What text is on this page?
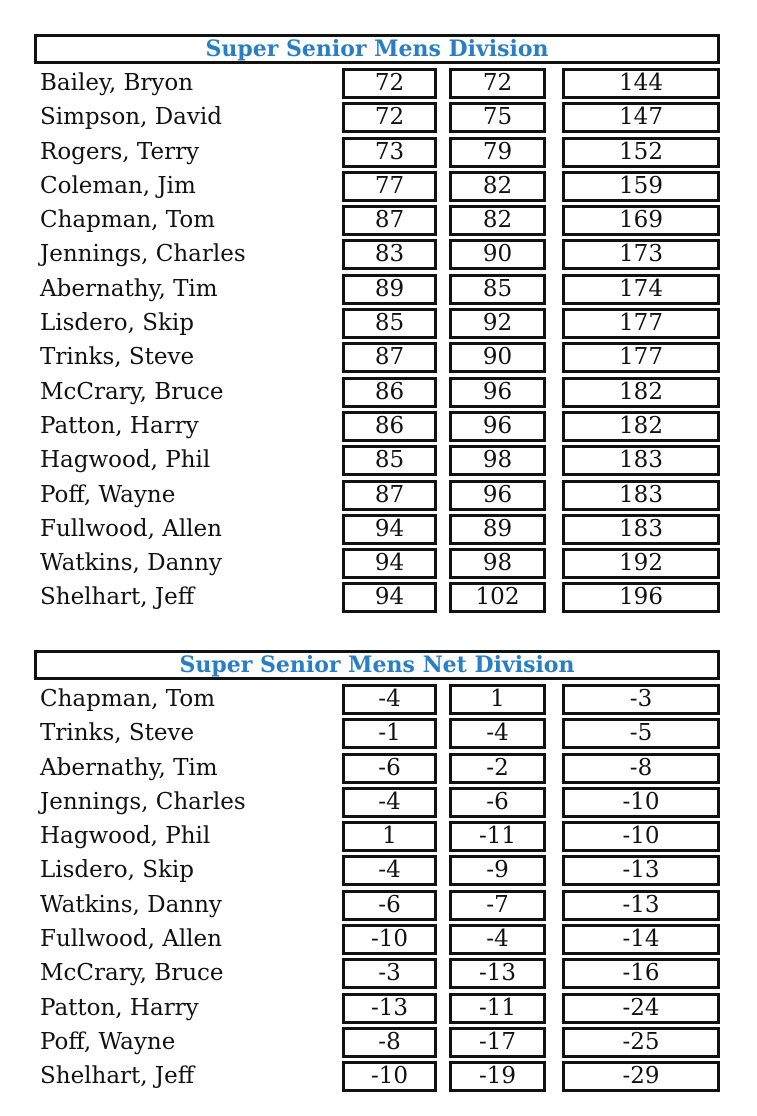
Super Senior Mens Division
Bailey, Bryon	72	72	144
Simpson, David	72	75	147
Rogers, Terry	73	79	152
Coleman, Jim	77	82	159
Chapman, Tom	87	82	169
Jennings, Charles	83	90	173
Abernathy, Tim	89	85	174
Lisdero, Skip	85	92	177
Trinks, Steve	87	90	177
McCrary, Bruce	86	96	182
Patton, Harry	86	96	182
Hagwood, Phil	85	98	183
Poff, Wayne	87	96	183
Fullwood, Allen	94	89	183
Watkins, Danny	94	98	192
Shelhart, Jeff	94	102	196
Super Senior Mens Net Division
Chapman, Tom	-4	1	-3
Trinks, Steve	-1	-4	-5
Abernathy, Tim	-6	-2	-8
Jennings, Charles	-4	-6	-10
Hagwood, Phil	1	-11	-10
Lisdero, Skip	-4	-9	-13
Watkins, Danny	-6	-7	-13
Fullwood, Allen	-10	-4	-14
McCrary, Bruce	-3	-13	-16
Patton, Harry	-13	-11	-24
Poff, Wayne	-8	-17	-25
Shelhart, Jeff	-10	-19	-29
